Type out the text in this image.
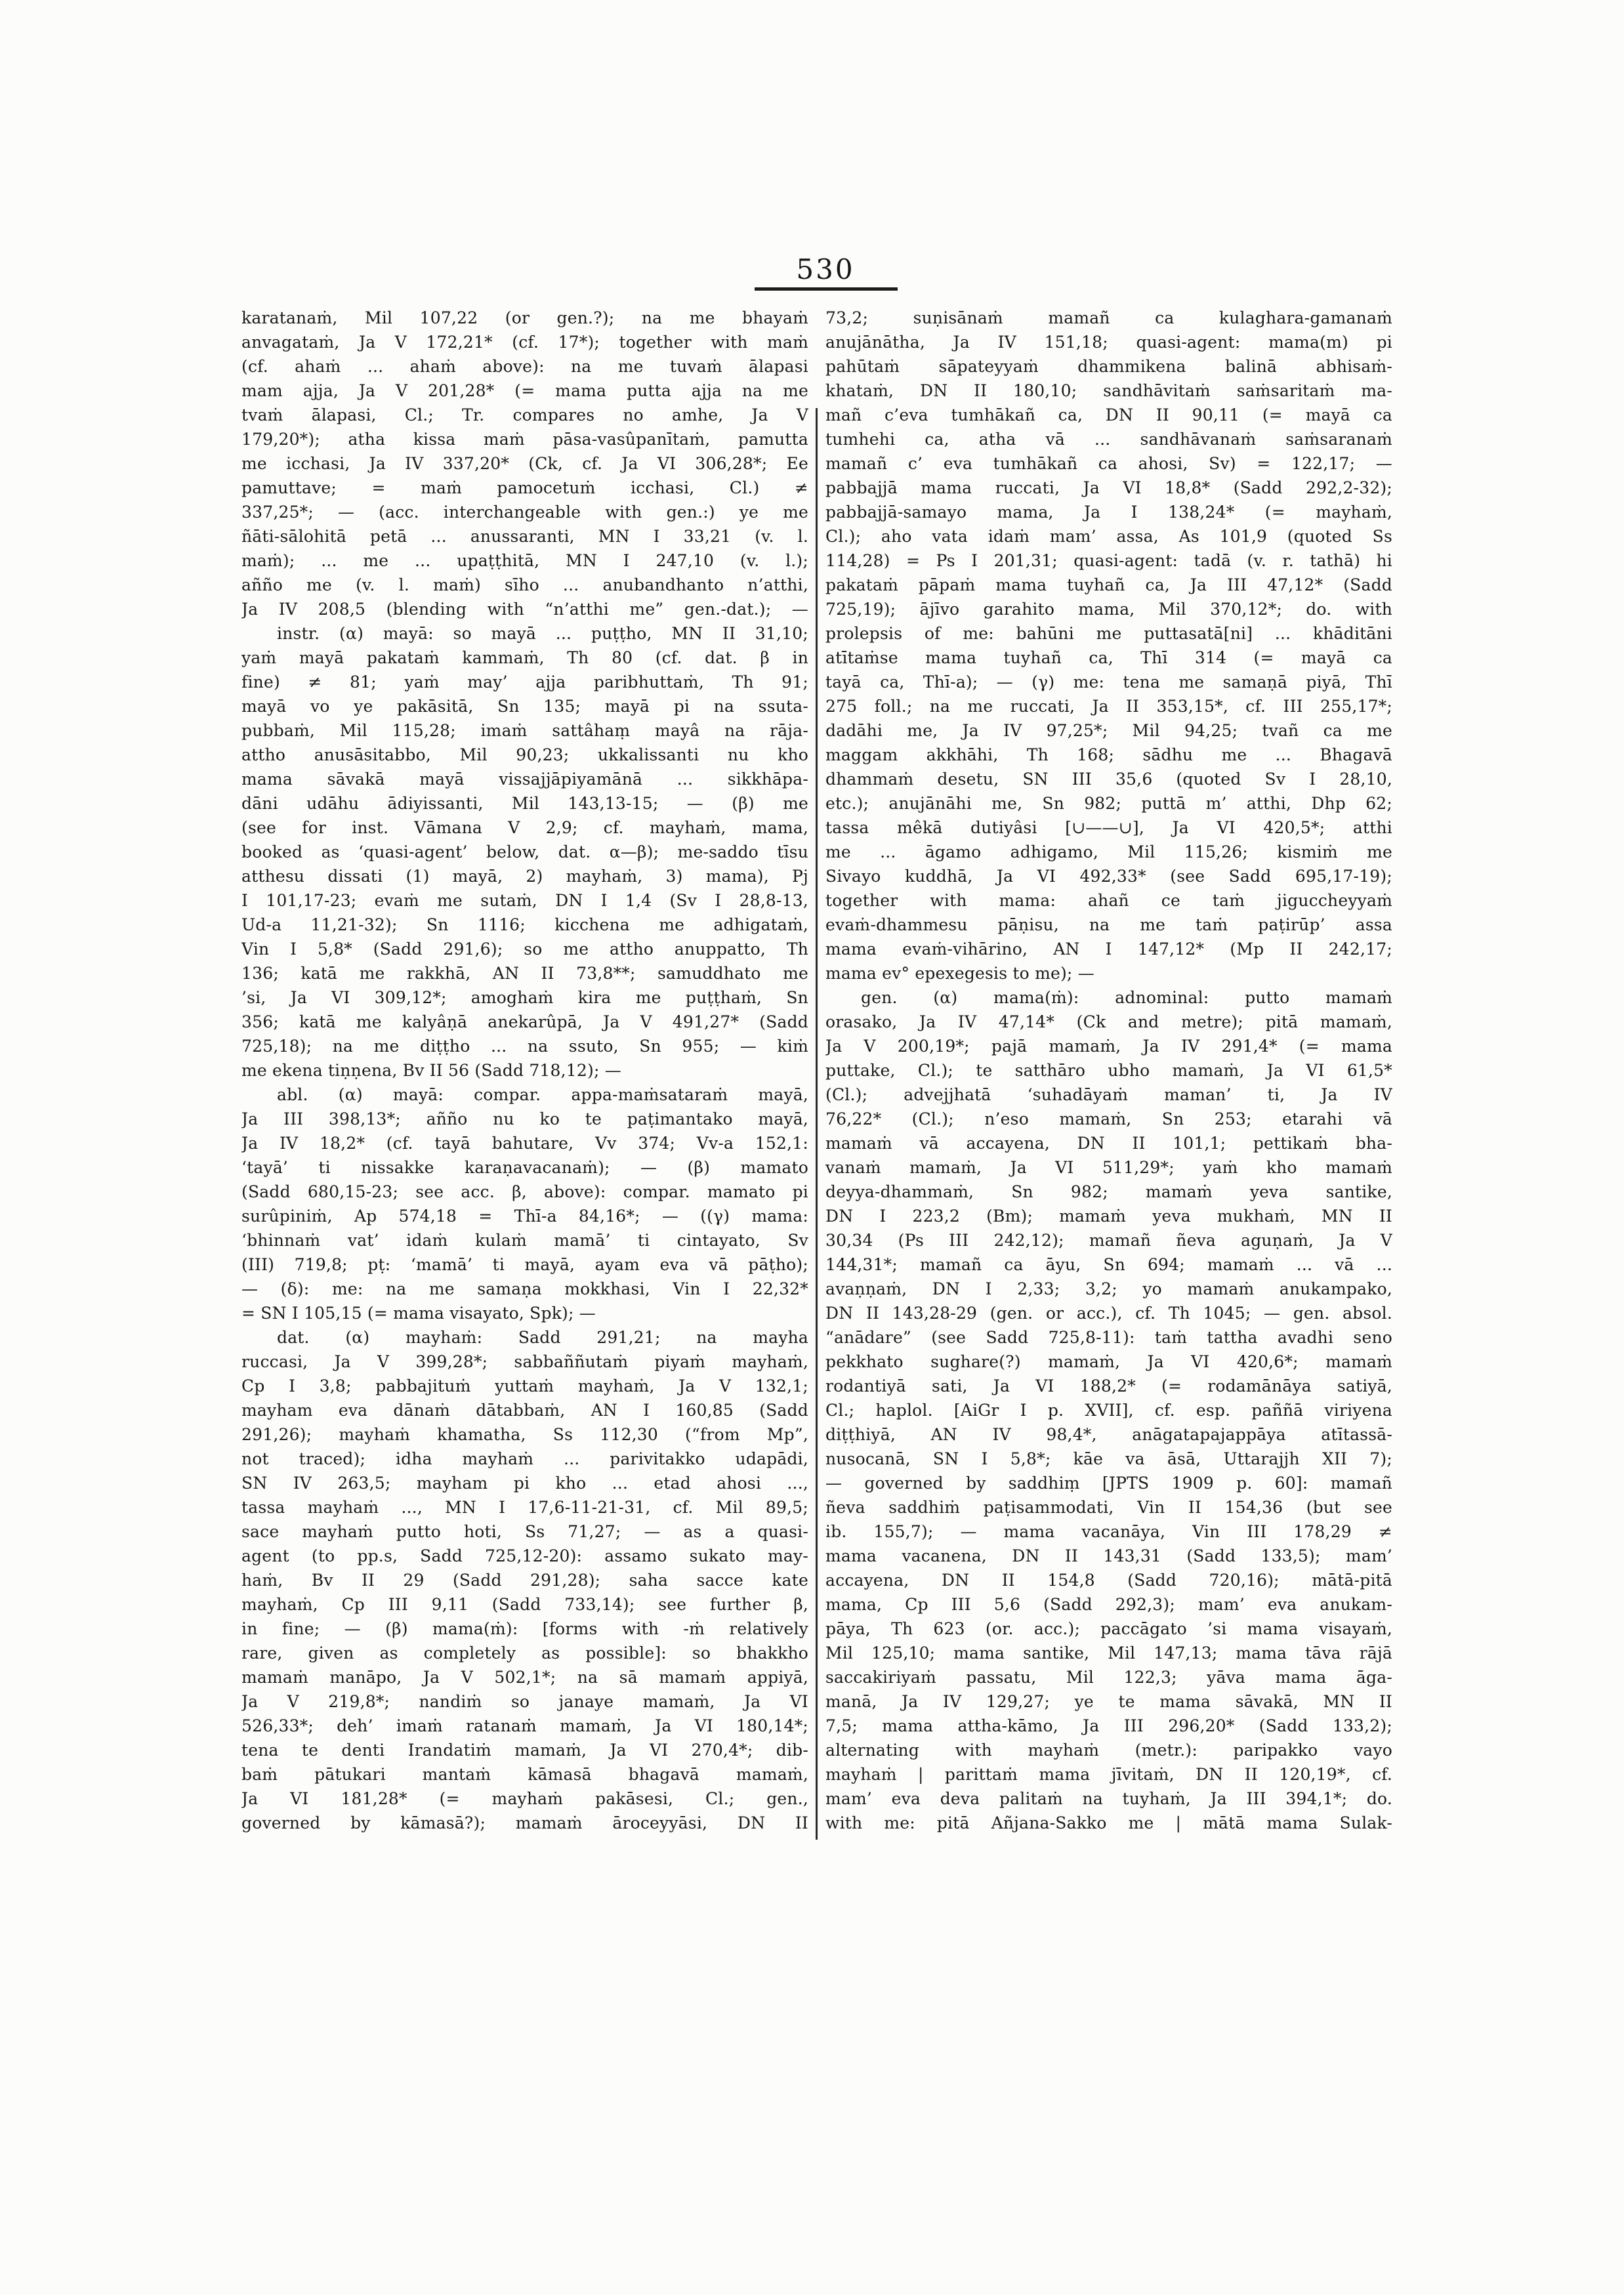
530
karatanaṁ, Mil 107,22 (or gen.?); na me bhayaṁ
anvagataṁ, Ja V 172,21* (cf. 17*); together with maṁ
(cf. ahaṁ ... ahaṁ above): na me tuvaṁ ālapasi
mam ajja, Ja V 201,28* (= mama putta ajja na me
tvaṁ ālapasi, Cl.; Tr. compares no amhe, Ja V
179,20*); atha kissa maṁ pāsa-vasûpanītaṁ, pamutta
me icchasi, Ja IV 337,20* (Ck, cf. Ja VI 306,28*; Ee
pamuttave; = maṁ pamocetuṁ icchasi, Cl.) ≠
337,25*; — (acc. interchangeable with gen.:) ye me
ñāti-sālohitā petā ... anussaranti, MN I 33,21 (v. l.
maṁ); ... me ... upaṭṭhitā, MN I 247,10 (v. l.);
añño me (v. l. maṁ) sīho ... anubandhanto n’atthi,
Ja IV 208,5 (blending with “n’atthi me” gen.-dat.); —
instr. (α) mayā: so mayā ... puṭṭho, MN II 31,10;
yaṁ mayā pakataṁ kammaṁ, Th 80 (cf. dat. β in
fine) ≠ 81; yaṁ may’ ajja paribhuttaṁ, Th 91;
mayā vo ye pakāsitā, Sn 135; mayā pi na ssuta-
pubbaṁ, Mil 115,28; imaṁ sattâhaṃ mayâ na rāja-
attho anusāsitabbo, Mil 90,23; ukkalissanti nu kho
mama sāvakā mayā vissajjāpiyamānā ... sikkhāpa-
dāni udāhu ādiyissanti, Mil 143,13-15; — (β) me
(see for inst. Vāmana V 2,9; cf. mayhaṁ, mama,
booked as ‘quasi-agent’ below, dat. α—β); me-saddo tīsu
atthesu dissati (1) mayā, 2) mayhaṁ, 3) mama), Pj
I 101,17-23; evaṁ me sutaṁ, DN I 1,4 (Sv I 28,8-13,
Ud-a 11,21-32); Sn 1116; kicchena me adhigataṁ,
Vin I 5,8* (Sadd 291,6); so me attho anuppatto, Th
136; katā me rakkhā, AN II 73,8**; samuddhato me
’si, Ja VI 309,12*; amoghaṁ kira me puṭṭhaṁ, Sn
356; katā me kalyâṇā anekarûpā, Ja V 491,27* (Sadd
725,18); na me diṭṭho ... na ssuto, Sn 955; — kiṁ
me ekena tiṇṇena, Bv II 56 (Sadd 718,12); —
abl. (α) mayā: compar. appa-maṁsataraṁ mayā,
Ja III 398,13*; añño nu ko te paṭimantako mayā,
Ja IV 18,2* (cf. tayā bahutare, Vv 374; Vv-a 152,1:
‘tayā’ ti nissakke karaṇavacanaṁ); — (β) mamato
(Sadd 680,15-23; see acc. β, above): compar. mamato pi
surûpiniṁ, Ap 574,18 = Thī-a 84,16*; — ((γ) mama:
‘bhinnaṁ vat’ idaṁ kulaṁ mamā’ ti cintayato, Sv
(III) 719,8; pṭ: ‘mamā’ ti mayā, ayam eva vā pāṭho);
— (δ): me: na me samaṇa mokkhasi, Vin I 22,32*
= SN I 105,15 (= mama visayato, Spk); —
dat. (α) mayhaṁ: Sadd 291,21; na mayha
ruccasi, Ja V 399,28*; sabbaññutaṁ piyaṁ mayhaṁ,
Cp I 3,8; pabbajituṁ yuttaṁ mayhaṁ, Ja V 132,1;
mayham eva dānaṁ dātabbaṁ, AN I 160,85 (Sadd
291,26); mayhaṁ khamatha, Ss 112,30 (“from Mp”,
not traced); idha mayhaṁ ... parivitakko udapādi,
SN IV 263,5; mayham pi kho ... etad ahosi ...,
tassa mayhaṁ ..., MN I 17,6-11-21-31, cf. Mil 89,5;
sace mayhaṁ putto hoti, Ss 71,27; — as a quasi-
agent (to pp.s, Sadd 725,12-20): assamo sukato may-
haṁ, Bv II 29 (Sadd 291,28); saha sacce kate
mayhaṁ, Cp III 9,11 (Sadd 733,14); see further β,
in fine; — (β) mama(ṁ): [forms with -ṁ relatively
rare, given as completely as possible]: so bhakkho
mamaṁ manāpo, Ja V 502,1*; na sā mamaṁ appiyā,
Ja V 219,8*; nandiṁ so janaye mamaṁ, Ja VI
526,33*; deh’ imaṁ ratanaṁ mamaṁ, Ja VI 180,14*;
tena te denti Irandatiṁ mamaṁ, Ja VI 270,4*; dib-
baṁ pātukari mantaṁ kāmasā bhagavā mamaṁ,
Ja VI 181,28* (= mayhaṁ pakāsesi, Cl.; gen.,
governed by kāmasā?); mamaṁ āroceyyāsi, DN II
73,2; suṇisānaṁ mamañ ca kulaghara-gamanaṁ
anujānātha, Ja IV 151,18; quasi-agent: mama(m) pi
pahūtaṁ sāpateyyaṁ dhammikena balinā abhisaṁ-
khataṁ, DN II 180,10; sandhāvitaṁ saṁsaritaṁ ma-
mañ c’eva tumhākañ ca, DN II 90,11 (= mayā ca
tumhehi ca, atha vā ... sandhāvanaṁ saṁsaranaṁ
mamañ c’ eva tumhākañ ca ahosi, Sv) = 122,17; —
pabbajjā mama ruccati, Ja VI 18,8* (Sadd 292,2-32);
pabbajjā-samayo mama, Ja I 138,24* (= mayhaṁ,
Cl.); aho vata idaṁ mam’ assa, As 101,9 (quoted Ss
114,28) = Ps I 201,31; quasi-agent: tadā (v. r. tathā) hi
pakataṁ pāpaṁ mama tuyhañ ca, Ja III 47,12* (Sadd
725,19); ājīvo garahito mama, Mil 370,12*; do. with
prolepsis of me: bahūni me puttasatā[ni] ... khāditāni
atītaṁse mama tuyhañ ca, Thī 314 (= mayā ca
tayā ca, Thī-a); — (γ) me: tena me samaṇā piyā, Thī
275 foll.; na me ruccati, Ja II 353,15*, cf. III 255,17*;
dadāhi me, Ja IV 97,25*; Mil 94,25; tvañ ca me
maggam akkhāhi, Th 168; sādhu me ... Bhagavā
dhammaṁ desetu, SN III 35,6 (quoted Sv I 28,10,
etc.); anujānāhi me, Sn 982; puttā m’ atthi, Dhp 62;
tassa mêkā dutiyâsi [∪——∪], Ja VI 420,5*; atthi
me ... āgamo adhigamo, Mil 115,26; kismiṁ me
Sivayo kuddhā, Ja VI 492,33* (see Sadd 695,17-19);
together with mama: ahañ ce taṁ jiguccheyyaṁ
evaṁ-dhammesu pāṇisu, na me taṁ paṭirūp’ assa
mama evaṁ-vihārino, AN I 147,12* (Mp II 242,17;
mama ev° epexegesis to me); —
gen. (α) mama(ṁ): adnominal: putto mamaṁ
orasako, Ja IV 47,14* (Ck and metre); pitā mamaṁ,
Ja V 200,19*; pajā mamaṁ, Ja IV 291,4* (= mama
puttake, Cl.); te satthāro ubho mamaṁ, Ja VI 61,5*
(Cl.); advejjhatā ‘suhadāyaṁ maman’ ti, Ja IV
76,22* (Cl.); n’eso mamaṁ, Sn 253; etarahi vā
mamaṁ vā accayena, DN II 101,1; pettikaṁ bha-
vanaṁ mamaṁ, Ja VI 511,29*; yaṁ kho mamaṁ
deyya-dhammaṁ, Sn 982; mamaṁ yeva santike,
DN I 223,2 (Bm); mamaṁ yeva mukhaṁ, MN II
30,34 (Ps III 242,12); mamañ ñeva aguṇaṁ, Ja V
144,31*; mamañ ca āyu, Sn 694; mamaṁ ... vā ...
avaṇṇaṁ, DN I 2,33; 3,2; yo mamaṁ anukampako,
DN II 143,28-29 (gen. or acc.), cf. Th 1045; — gen. absol.
“anādare” (see Sadd 725,8-11): taṁ tattha avadhi seno
pekkhato sughare(?) mamaṁ, Ja VI 420,6*; mamaṁ
rodantiyā sati, Ja VI 188,2* (= rodamānāya satiyā,
Cl.; haplol. [AiGr I p. XVII], cf. esp. paññā viriyena
diṭṭhiyā, AN IV 98,4*, anāgatapajappāya atītassā-
nusocanā, SN I 5,8*; kāe va āsā, Uttarajjh XII 7);
— governed by saddhiṃ [JPTS 1909 p. 60]: mamañ
ñeva saddhiṁ paṭisammodati, Vin II 154,36 (but see
ib. 155,7); — mama vacanāya, Vin III 178,29 ≠
mama vacanena, DN II 143,31 (Sadd 133,5); mam’
accayena, DN II 154,8 (Sadd 720,16); mātā-pitā
mama, Cp III 5,6 (Sadd 292,3); mam’ eva anukam-
pāya, Th 623 (or. acc.); paccāgato ’si mama visayaṁ,
Mil 125,10; mama santike, Mil 147,13; mama tāva rājā
saccakiriyaṁ passatu, Mil 122,3; yāva mama āga-
manā, Ja IV 129,27; ye te mama sāvakā, MN II
7,5; mama attha-kāmo, Ja III 296,20* (Sadd 133,2);
alternating with mayhaṁ (metr.): paripakko vayo
mayhaṁ | parittaṁ mama jīvitaṁ, DN II 120,19*, cf.
mam’ eva deva palitaṁ na tuyhaṁ, Ja III 394,1*; do.
with me: pitā Añjana-Sakko me | mātā mama Sulak-
